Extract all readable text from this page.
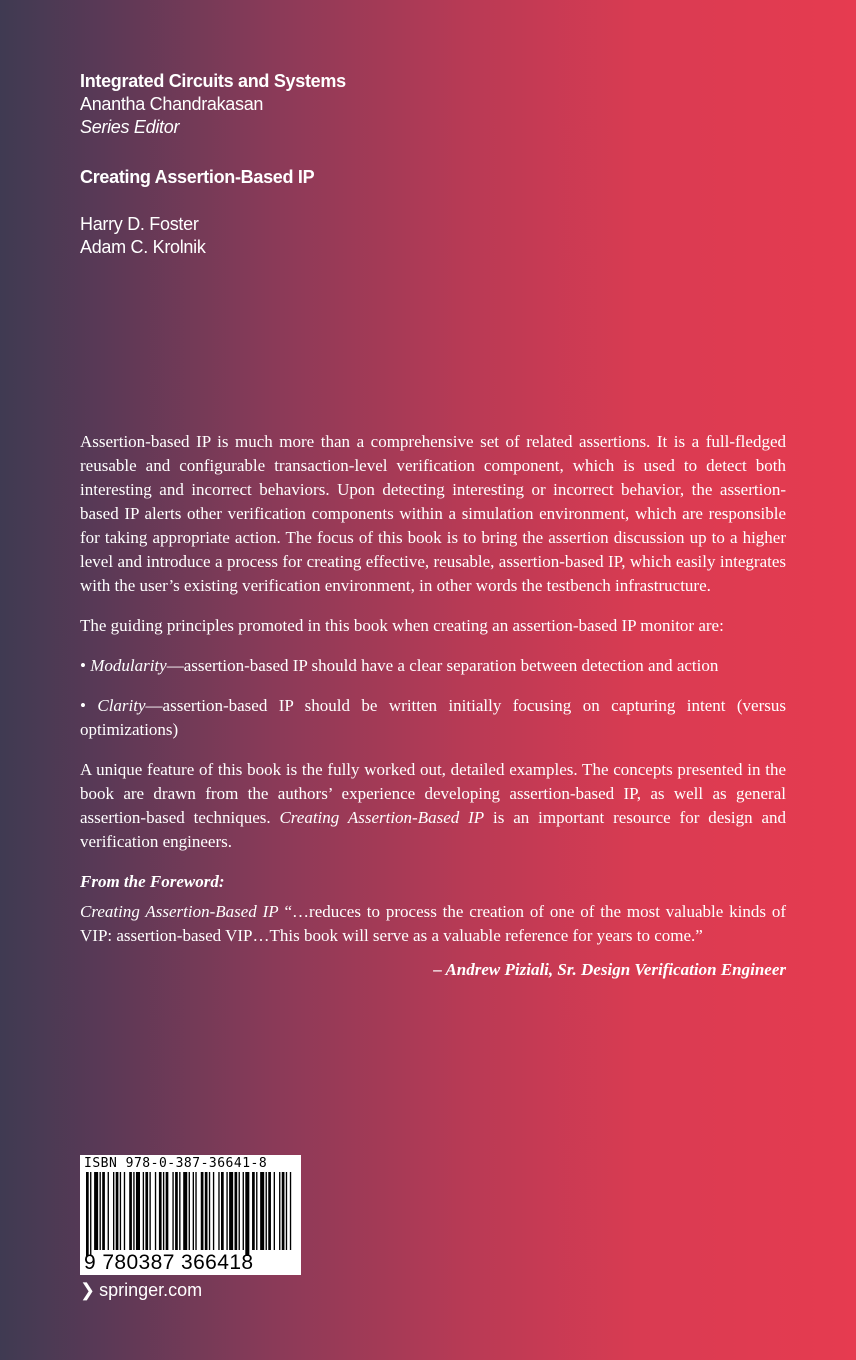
Integrated Circuits and Systems
Anantha Chandrakasan
Series Editor
Creating Assertion-Based IP
Harry D. Foster
Adam C. Krolnik

Assertion-based IP is much more than a comprehensive set of related assertions. It is a full-fledged reusable and configurable transaction-level verification component, which is used to detect both interesting and incorrect behaviors. Upon detecting interesting or incorrect behavior, the assertion-based IP alerts other verification components within a simulation environment, which are responsible for taking appropriate action. The focus of this book is to bring the assertion discussion up to a higher level and introduce a process for creating effective, reusable, assertion-based IP, which easily integrates with the user’s existing verification environment, in other words the testbench infrastructure.

The guiding principles promoted in this book when creating an assertion-based IP monitor are:

• Modularity—assertion-based IP should have a clear separation between detection and action

• Clarity—assertion-based IP should be written initially focusing on capturing intent (versus optimizations)

A unique feature of this book is the fully worked out, detailed examples. The concepts presented in the book are drawn from the authors’ experience developing assertion-based IP, as well as general assertion-based techniques. Creating Assertion-Based IP is an important resource for design and verification engineers.

From the Foreword:

Creating Assertion-Based IP “…reduces to process the creation of one of the most valuable kinds of VIP: assertion-based VIP…This book will serve as a valuable reference for years to come.”

– Andrew Piziali, Sr. Design Verification Engineer

ISBN 978-0-387-36641-8
9 780387 366418
❯ springer.com
